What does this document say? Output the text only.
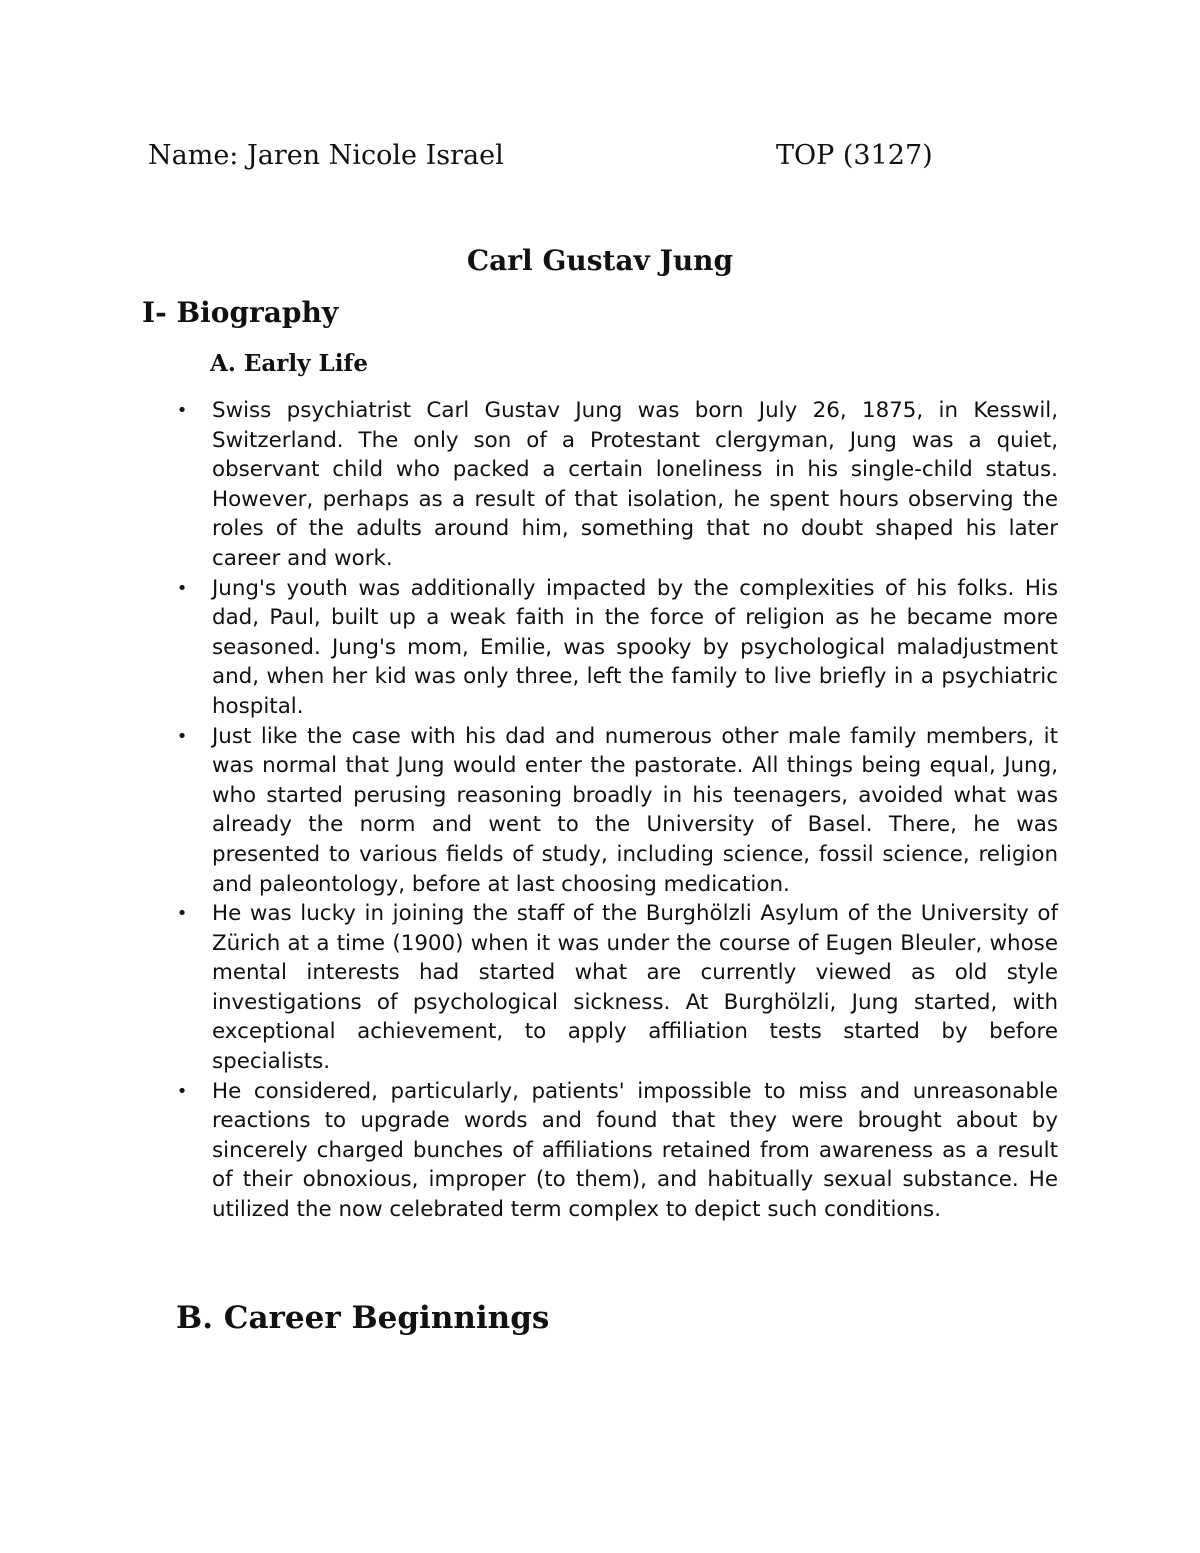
Name: Jaren Nicole Israel	TOP (3127)
Carl Gustav Jung
I- Biography
A. Early Life
• Swiss psychiatrist Carl Gustav Jung was born July 26, 1875, in Kesswil, Switzerland. The only son of a Protestant clergyman, Jung was a quiet, observant child who packed a certain loneliness in his single-child status. However, perhaps as a result of that isolation, he spent hours observing the roles of the adults around him, something that no doubt shaped his later career and work.
• Jung's youth was additionally impacted by the complexities of his folks. His dad, Paul, built up a weak faith in the force of religion as he became more seasoned. Jung's mom, Emilie, was spooky by psychological maladjustment and, when her kid was only three, left the family to live briefly in a psychiatric hospital.
• Just like the case with his dad and numerous other male family members, it was normal that Jung would enter the pastorate. All things being equal, Jung, who started perusing reasoning broadly in his teenagers, avoided what was already the norm and went to the University of Basel. There, he was presented to various fields of study, including science, fossil science, religion and paleontology, before at last choosing medication.
• He was lucky in joining the staff of the Burghölzli Asylum of the University of Zürich at a time (1900) when it was under the course of Eugen Bleuler, whose mental interests had started what are currently viewed as old style investigations of psychological sickness. At Burghölzli, Jung started, with exceptional achievement, to apply affiliation tests started by before specialists.
• He considered, particularly, patients' impossible to miss and unreasonable reactions to upgrade words and found that they were brought about by sincerely charged bunches of affiliations retained from awareness as a result of their obnoxious, improper (to them), and habitually sexual substance. He utilized the now celebrated term complex to depict such conditions.
B. Career Beginnings
